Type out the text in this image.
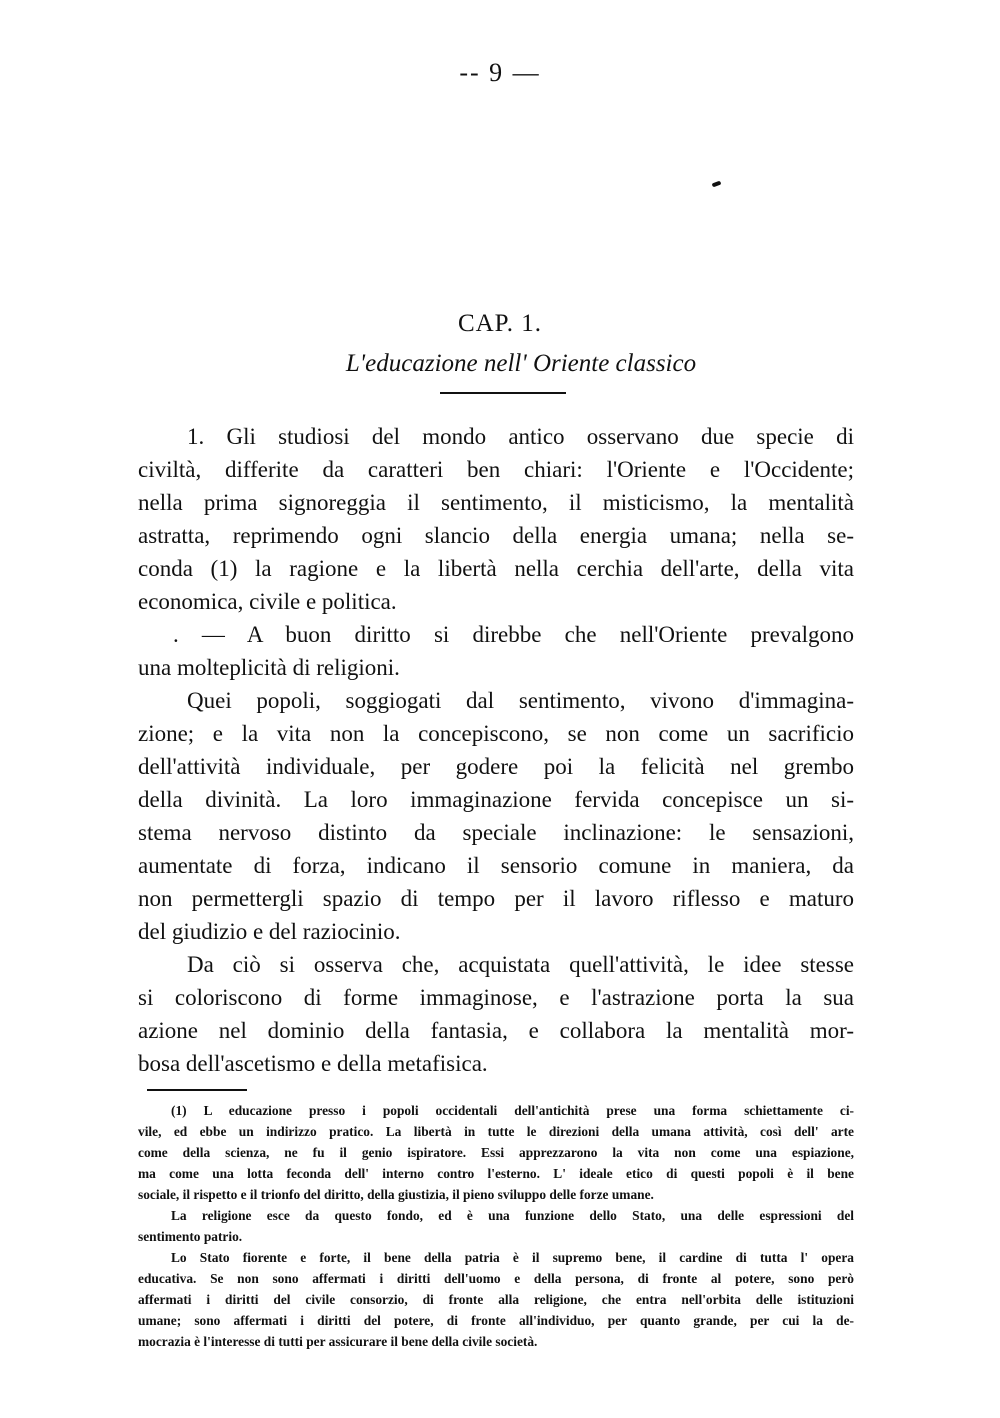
-- 9 —
CAP. 1.
L'educazione nell' Oriente classico
1. Gli studiosi del mondo antico osservano due specie di
civiltà, differite da caratteri ben chiari: l'Oriente e l'Occidente;
nella prima signoreggia il sentimento, il misticismo, la mentalità
astratta, reprimendo ogni slancio della energia umana; nella se-
conda (1) la ragione e la libertà nella cerchia dell'arte, della vita
economica, civile e politica.
. — A buon diritto si direbbe che nell'Oriente prevalgono
una molteplicità di religioni.
Quei popoli, soggiogati dal sentimento, vivono d'immagina-
zione; e la vita non la concepiscono, se non come un sacrificio
dell'attività individuale, per godere poi la felicità nel grembo
della divinità. La loro immaginazione fervida concepisce un si-
stema nervoso distinto da speciale inclinazione: le sensazioni,
aumentate di forza, indicano il sensorio comune in maniera, da
non permettergli spazio di tempo per il lavoro riflesso e maturo
del giudizio e del raziocinio.
Da ciò si osserva che, acquistata quell'attività, le idee stesse
si coloriscono di forme immaginose, e l'astrazione porta la sua
azione nel dominio della fantasia, e collabora la mentalità mor-
bosa dell'ascetismo e della metafisica.
(1) L educazione presso i popoli occidentali dell'antichità prese una forma schiettamente ci-
vile, ed ebbe un indirizzo pratico. La libertà in tutte le direzioni della umana attività, così dell' arte
come della scienza, ne fu il genio ispiratore. Essi apprezzarono la vita non come una espiazione,
ma come una lotta feconda dell' interno contro l'esterno. L' ideale etico di questi popoli è il bene
sociale, il rispetto e il trionfo del diritto, della giustizia, il pieno sviluppo delle forze umane.
La religione esce da questo fondo, ed è una funzione dello Stato, una delle espressioni del
sentimento patrio.
Lo Stato fiorente e forte, il bene della patria è il supremo bene, il cardine di tutta l' opera
educativa. Se non sono affermati i diritti dell'uomo e della persona, di fronte al potere, sono però
affermati i diritti del civile consorzio, di fronte alla religione, che entra nell'orbita delle istituzioni
umane; sono affermati i diritti del potere, di fronte all'individuo, per quanto grande, per cui la de-
mocrazia è l'interesse di tutti per assicurare il bene della civile società.
